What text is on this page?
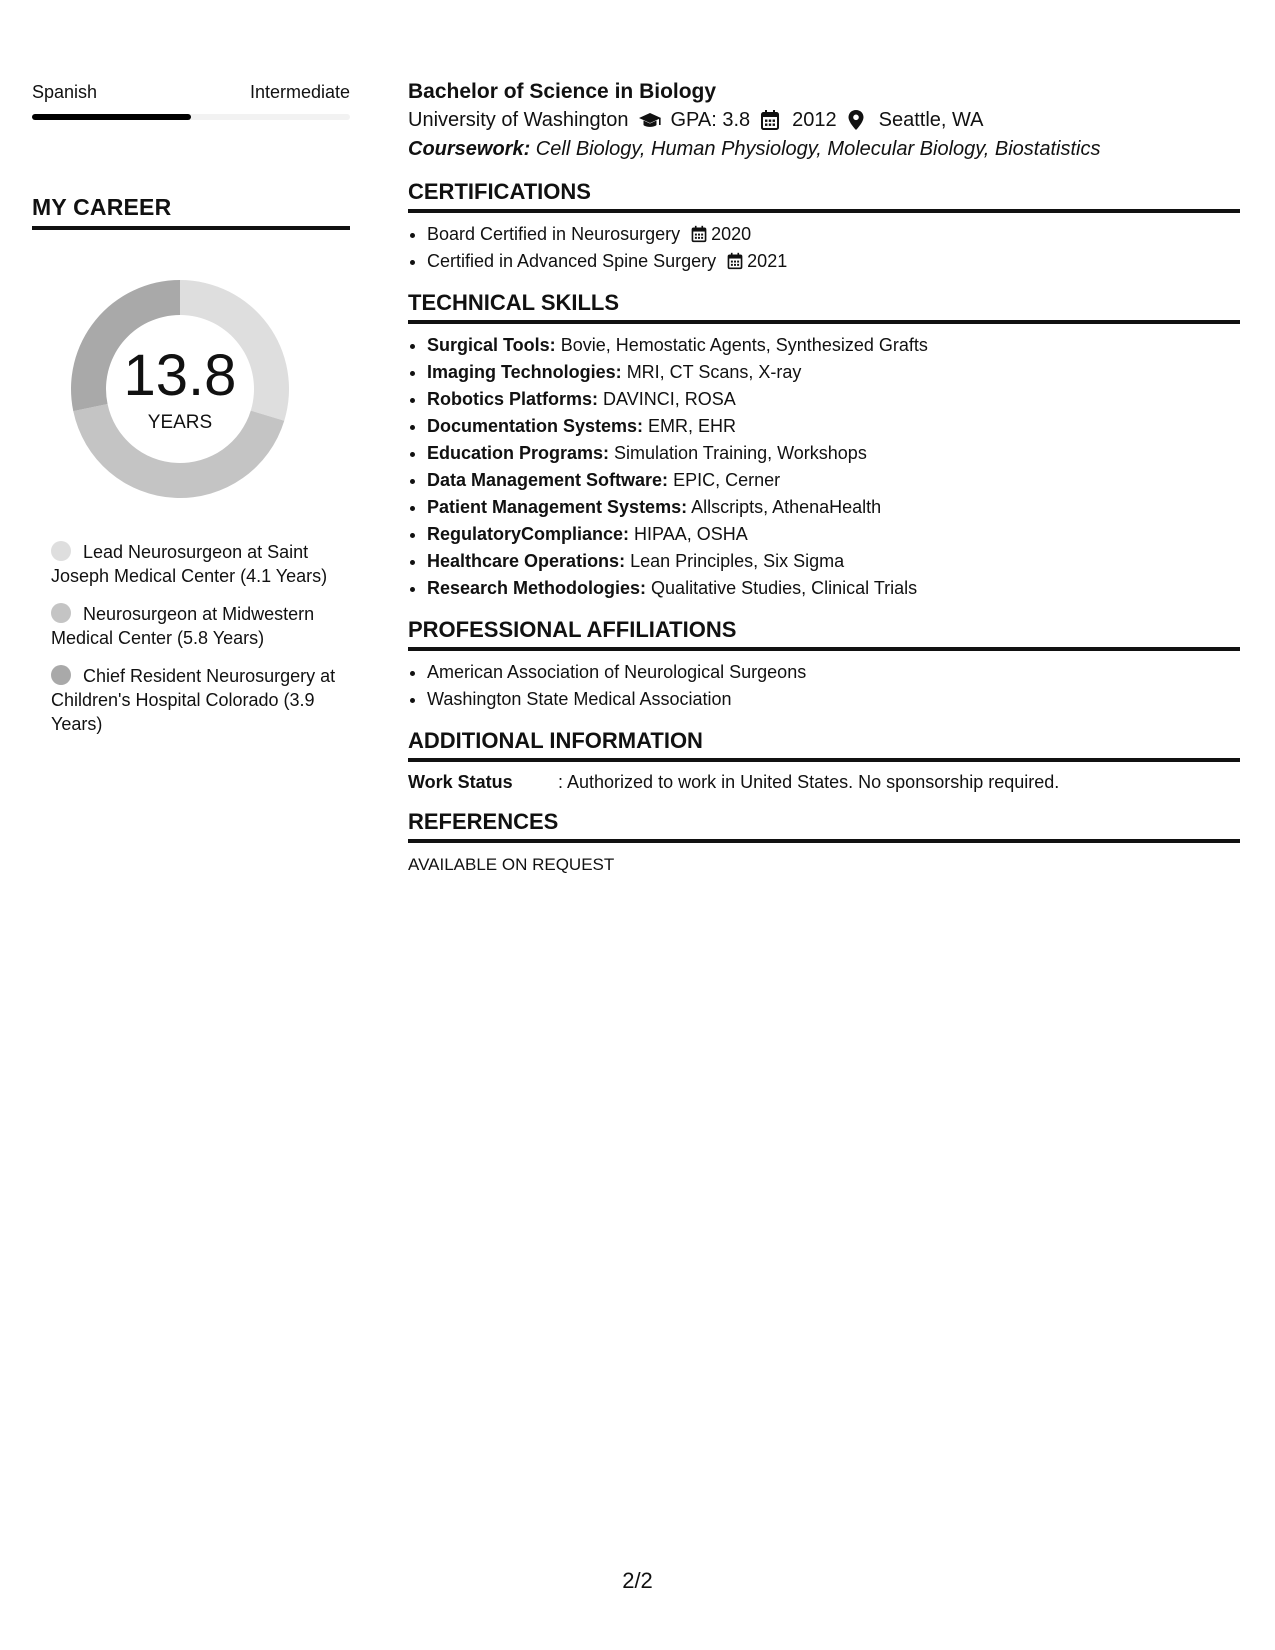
Spanish	Intermediate
MY CAREER
13.8
YEARS
Lead Neurosurgeon at Saint Joseph Medical Center (4.1 Years)
Neurosurgeon at Midwestern Medical Center (5.8 Years)
Chief Resident Neurosurgery at Children's Hospital Colorado (3.9 Years)
Bachelor of Science in Biology
University of Washington GPA: 3.8 2012 Seattle, WA
Coursework: Cell Biology, Human Physiology, Molecular Biology, Biostatistics
CERTIFICATIONS
• Board Certified in Neurosurgery 2020
• Certified in Advanced Spine Surgery 2021
TECHNICAL SKILLS
• Surgical Tools: Bovie, Hemostatic Agents, Synthesized Grafts
• Imaging Technologies: MRI, CT Scans, X-ray
• Robotics Platforms: DAVINCI, ROSA
• Documentation Systems: EMR, EHR
• Education Programs: Simulation Training, Workshops
• Data Management Software: EPIC, Cerner
• Patient Management Systems: Allscripts, AthenaHealth
• RegulatoryCompliance: HIPAA, OSHA
• Healthcare Operations: Lean Principles, Six Sigma
• Research Methodologies: Qualitative Studies, Clinical Trials
PROFESSIONAL AFFILIATIONS
• American Association of Neurological Surgeons
• Washington State Medical Association
ADDITIONAL INFORMATION
Work Status	: Authorized to work in United States. No sponsorship required.
REFERENCES
AVAILABLE ON REQUEST
2/2
